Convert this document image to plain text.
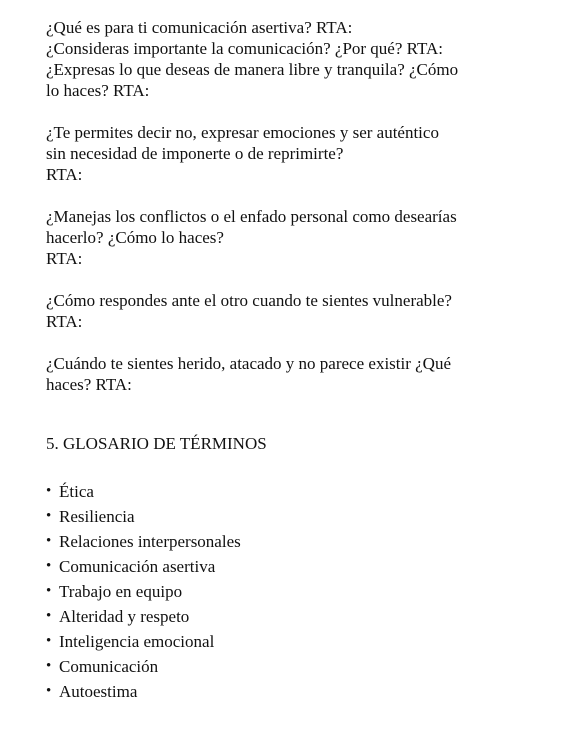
¿Qué es para ti comunicación asertiva? RTA:
¿Consideras importante la comunicación? ¿Por qué? RTA:
¿Expresas lo que deseas de manera libre y tranquila? ¿Cómo
lo haces? RTA:
¿Te permites decir no, expresar emociones y ser auténtico
sin necesidad de imponerte o de reprimirte?
RTA:
¿Manejas los conflictos o el enfado personal como desearías
hacerlo? ¿Cómo lo haces?
RTA:
¿Cómo respondes ante el otro cuando te sientes vulnerable?
RTA:
¿Cuándo te sientes herido, atacado y no parece existir ¿Qué
haces? RTA:
5. GLOSARIO DE TÉRMINOS
• Ética
• Resiliencia
• Relaciones interpersonales
• Comunicación asertiva
• Trabajo en equipo
• Alteridad y respeto
• Inteligencia emocional
• Comunicación
• Autoestima
